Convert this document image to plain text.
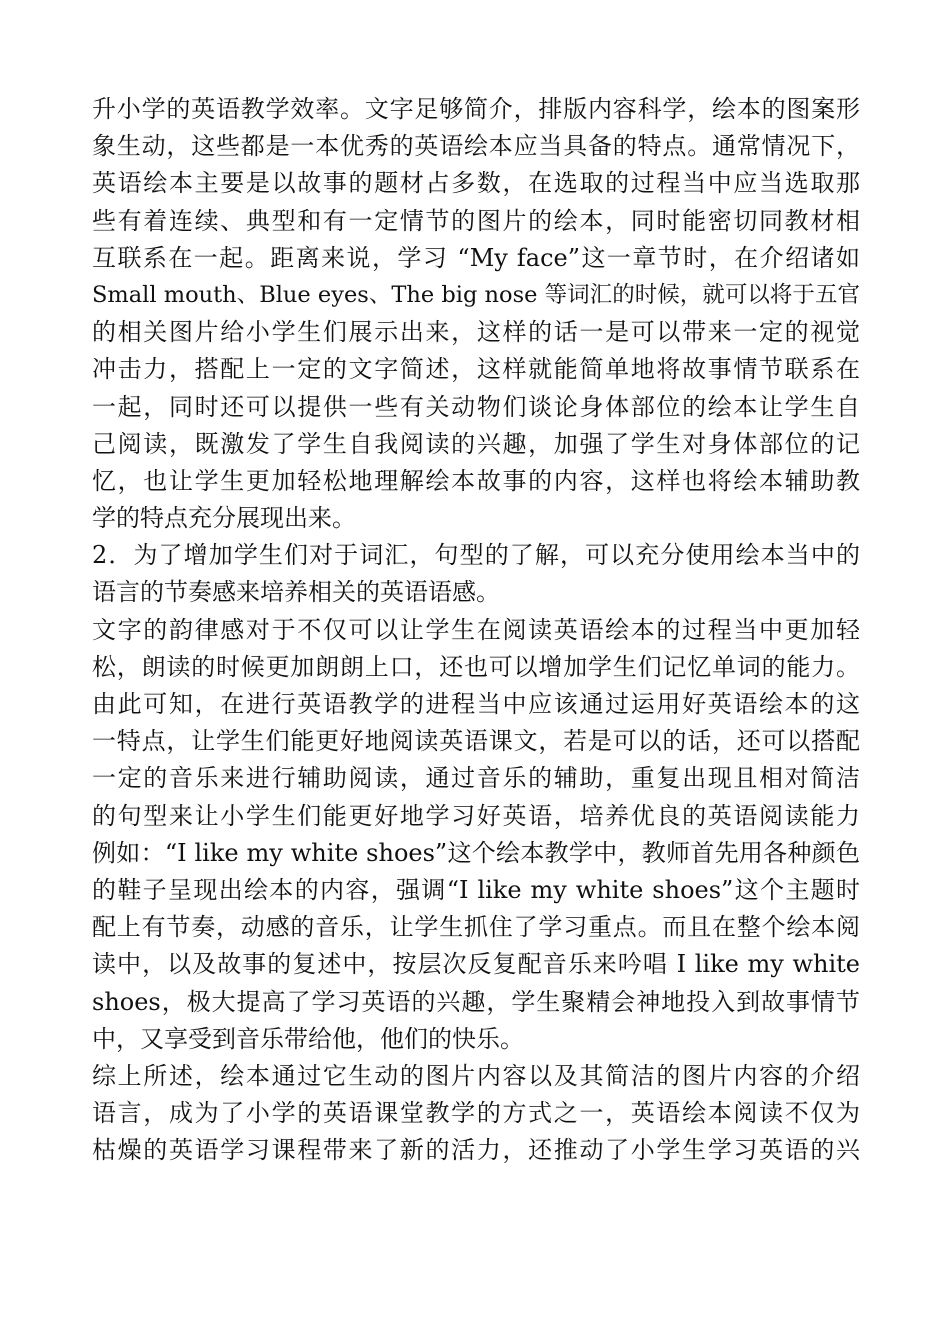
升小学的英语教学效率。文字足够简介，排版内容科学，绘本的图案形
象生动，这些都是一本优秀的英语绘本应当具备的特点。通常情况下，
英语绘本主要是以故事的题材占多数，在选取的过程当中应当选取那
些有着连续、典型和有一定情节的图片的绘本，同时能密切同教材相
互联系在一起。距离来说，学习 “My face”这一章节时，在介绍诸如
Small mouth、Blue eyes、The big nose 等词汇的时候，就可以将于五官
的相关图片给小学生们展示出来，这样的话一是可以带来一定的视觉
冲击力，搭配上一定的文字简述，这样就能简单地将故事情节联系在
一起，同时还可以提供一些有关动物们谈论身体部位的绘本让学生自
己阅读，既激发了学生自我阅读的兴趣，加强了学生对身体部位的记
忆，也让学生更加轻松地理解绘本故事的内容，这样也将绘本辅助教
学的特点充分展现出来。
2．为了增加学生们对于词汇，句型的了解，可以充分使用绘本当中的
语言的节奏感来培养相关的英语语感。
文字的韵律感对于不仅可以让学生在阅读英语绘本的过程当中更加轻
松，朗读的时候更加朗朗上口，还也可以增加学生们记忆单词的能力。
由此可知，在进行英语教学的进程当中应该通过运用好英语绘本的这
一特点，让学生们能更好地阅读英语课文，若是可以的话，还可以搭配
一定的音乐来进行辅助阅读，通过音乐的辅助，重复出现且相对简洁
的句型来让小学生们能更好地学习好英语，培养优良的英语阅读能力
例如：“I like my white shoes”这个绘本教学中，教师首先用各种颜色
的鞋子呈现出绘本的内容，强调“I like my white shoes”这个主题时
配上有节奏，动感的音乐，让学生抓住了学习重点。而且在整个绘本阅
读中，以及故事的复述中，按层次反复配音乐来吟唱 I like my white
shoes，极大提高了学习英语的兴趣，学生聚精会神地投入到故事情节
中，又享受到音乐带给他，他们的快乐。
综上所述，绘本通过它生动的图片内容以及其简洁的图片内容的介绍
语言，成为了小学的英语课堂教学的方式之一，英语绘本阅读不仅为
枯燥的英语学习课程带来了新的活力，还推动了小学生学习英语的兴
